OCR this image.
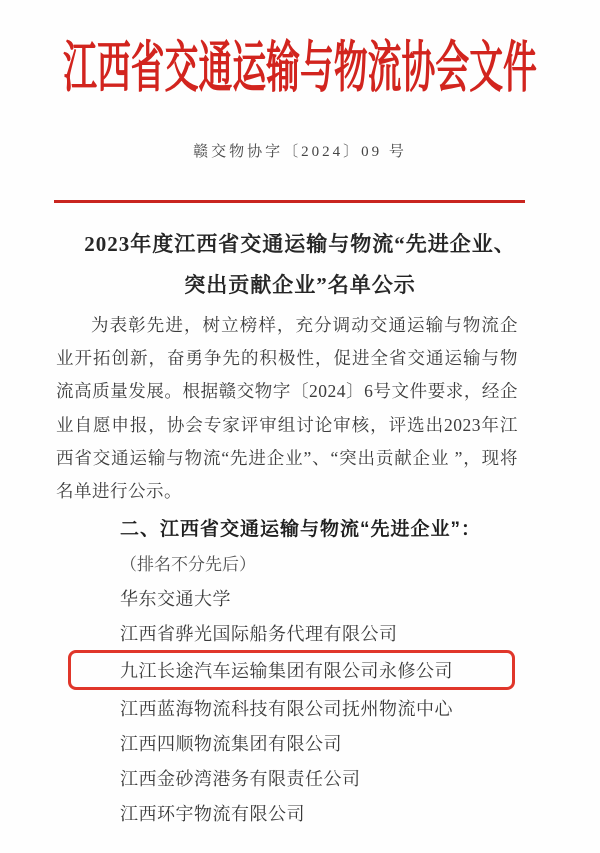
江西省交通运输与物流协会文件
赣交物协字〔2024〕09 号
2023年度江西省交通运输与物流“先进企业、
突出贡献企业”名单公示

为表彰先进，树立榜样，充分调动交通运输与物流企业开拓创新，奋勇争先的积极性，促进全省交通运输与物流高质量发展。根据赣交物字〔2024〕6号文件要求，经企业自愿申报，协会专家评审组讨论审核，评选出2023年江西省交通运输与物流“先进企业”、“突出贡献企业 ”，现将名单进行公示。

二、江西省交通运输与物流“先进企业”：
（排名不分先后）
华东交通大学
江西省骅光国际船务代理有限公司
九江长途汽车运输集团有限公司永修公司
江西蓝海物流科技有限公司抚州物流中心
江西四顺物流集团有限公司
江西金砂湾港务有限责任公司
江西环宇物流有限公司
